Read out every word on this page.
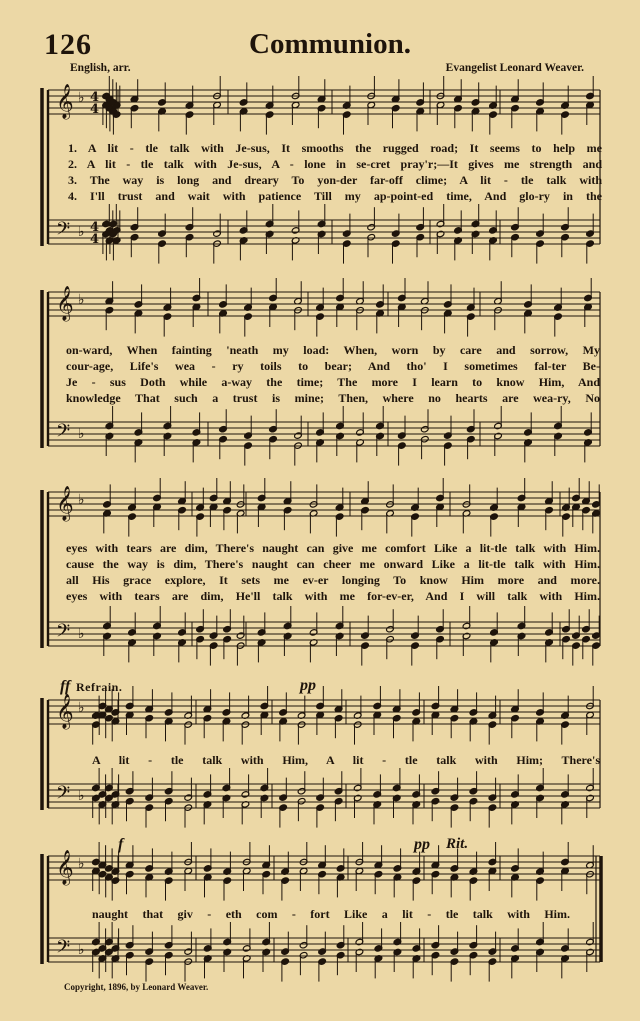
126	Communion.
English, arr.	Evangelist Leonard Weaver.
𝄞
𝄢
♭
♭
4
4
4
4
𝄞
𝄢
♭
♭
𝄞
𝄢
♭
♭
𝄞
𝄢
♭
♭
𝄞
𝄢
♭
♭
1. A lit - tle talk with Je-sus, It smooths the rugged road; It seems to help me
2. A lit - tle talk with Je-sus, A - lone in se-cret pray'r;—It gives me strength and
3. The way is long and dreary To yon-der far-off clime; A lit - tle talk with
4. I'll trust and wait with patience Till my ap-point-ed time, And glo-ry in the
on-ward, When fainting 'neath my load: When, worn by care and sorrow, My
cour-age, Life's wea - ry toils to bear; And tho' I sometimes fal-ter Be-
Je - sus Doth while a-way the time; The more I learn to know Him, And
knowledge That such a trust is mine; Then, where no hearts are wea-ry, No
eyes with tears are dim, There's naught can give me comfort Like a lit-tle talk with Him.
cause the way is dim, There's naught can cheer me onward Like a lit-tle talk with Him.
all His grace explore, It sets me ev-er longing To know Him more and more.
eyes with tears are dim, He'll talk with me for-ev-er, And I will talk with Him.
ff Refrain.	pp
A lit - tle talk with Him, A lit - tle talk with Him; There's
f	pp Rit.
naught that giv - eth com - fort Like a lit - tle talk with Him.
Copyright, 1896, by Leonard Weaver.
